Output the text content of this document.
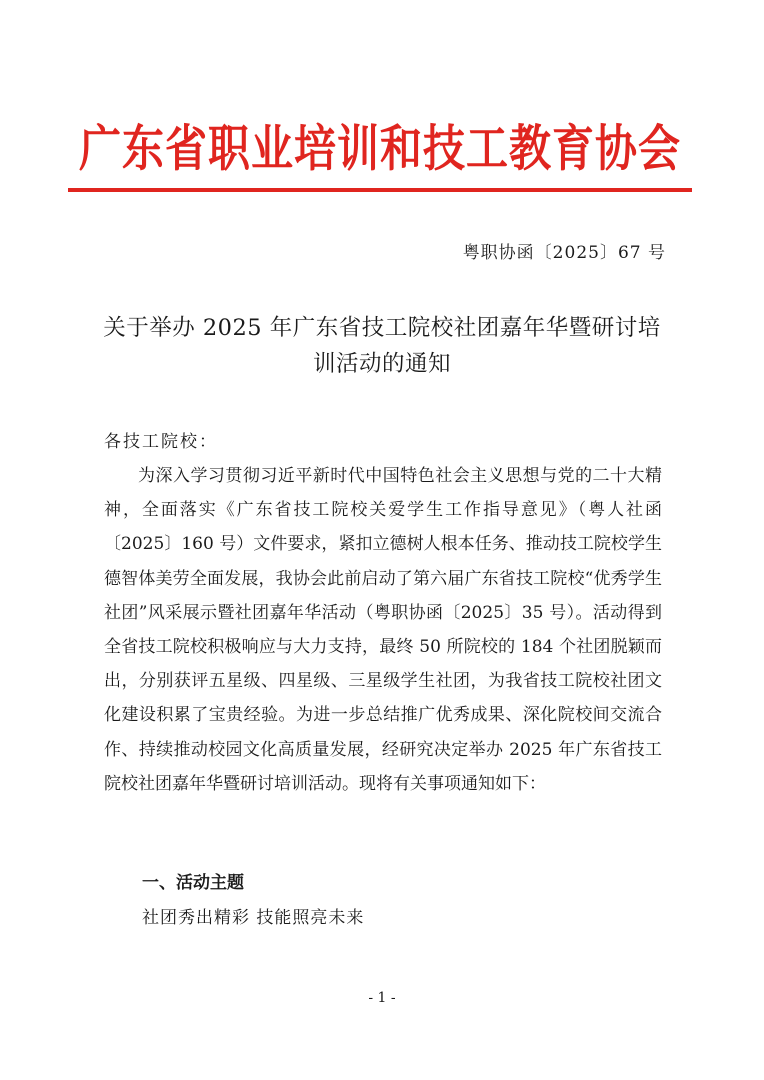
广东省职业培训和技工教育协会
粤职协函〔2025〕67 号
关于举办 2025 年广东省技工院校社团嘉年华暨研讨培训活动的通知
各技工院校：

为深入学习贯彻习近平新时代中国特色社会主义思想与党的二十大精神，全面落实《广东省技工院校关爱学生工作指导意见》（粤人社函〔2025〕160 号）文件要求，紧扣立德树人根本任务、推动技工院校学生德智体美劳全面发展，我协会此前启动了第六届广东省技工院校“优秀学生社团”风采展示暨社团嘉年华活动（粤职协函〔2025〕35 号）。活动得到全省技工院校积极响应与大力支持，最终 50 所院校的 184 个社团脱颖而出，分别获评五星级、四星级、三星级学生社团，为我省技工院校社团文化建设积累了宝贵经验。为进一步总结推广优秀成果、深化院校间交流合作、持续推动校园文化高质量发展，经研究决定举办 2025 年广东省技工院校社团嘉年华暨研讨培训活动。现将有关事项通知如下：

一、活动主题
社团秀出精彩 技能照亮未来
- 1 -
